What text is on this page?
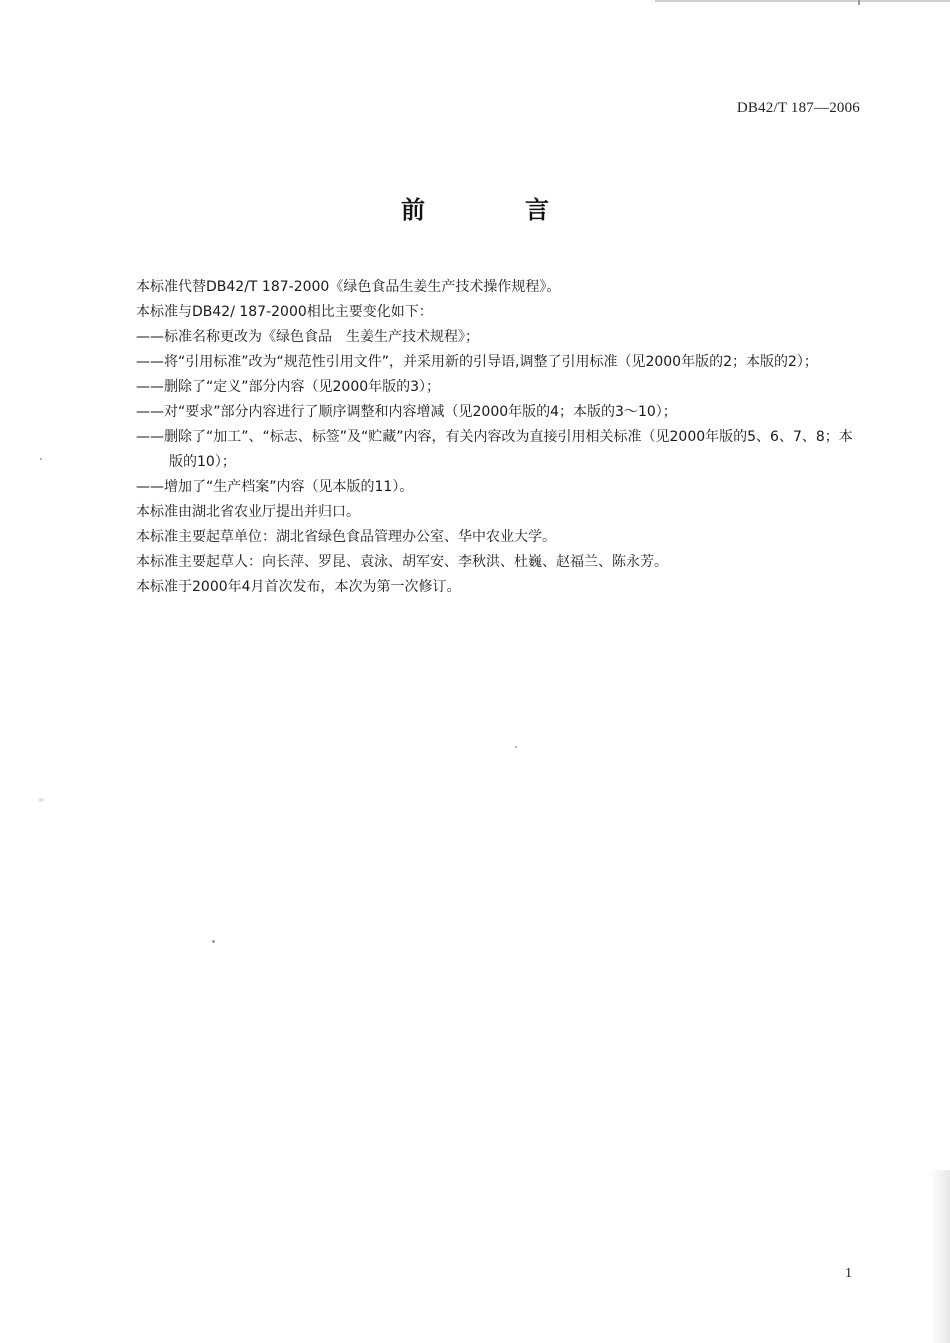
DB42/T 187—2006
前　言

本标准代替DB42/T 187-2000《绿色食品生姜生产技术操作规程》。

本标准与DB42/ 187-2000相比主要变化如下：

——标准名称更改为《绿色食品　生姜生产技术规程》；

——将“引用标准”改为“规范性引用文件”，并采用新的引导语,调整了引用标准（见2000年版的2；本版的2）；

——删除了“定义”部分内容（见2000年版的3）；

——对“要求”部分内容进行了顺序调整和内容增减（见2000年版的4；本版的3～10）；

——删除了“加工”、“标志、标签”及“贮藏”内容，有关内容改为直接引用相关标准（见2000年版的5、6、7、8；本版的10）；

——增加了“生产档案”内容（见本版的11）。

本标准由湖北省农业厅提出并归口。

本标准主要起草单位：湖北省绿色食品管理办公室、华中农业大学。

本标准主要起草人：向长萍、罗昆、袁泳、胡军安、李秋洪、杜巍、赵福兰、陈永芳。

本标准于2000年4月首次发布，本次为第一次修订。

1
